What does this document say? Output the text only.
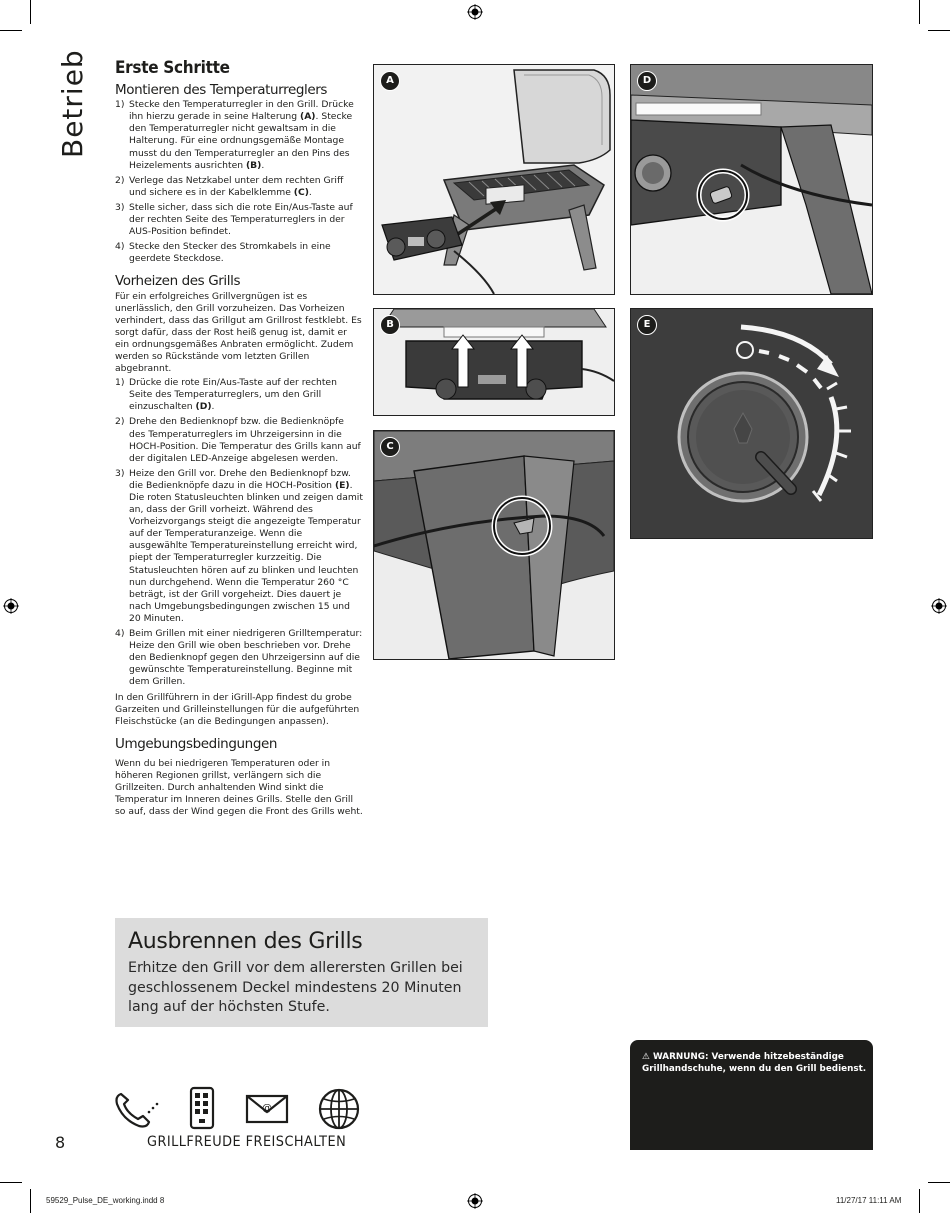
Betrieb Erste Schritte
Montieren des Temperaturreglers
1) Stecke den Temperaturregler in den Grill. Drücke ihn hierzu gerade in seine Halterung (A). Stecke den Temperaturregler nicht gewaltsam in die Halterung. Für eine ordnungsgemäße Montage musst du den Temperaturregler an den Pins des Heizelements ausrichten (B).
2) Verlege das Netzkabel unter dem rechten Griff und sichere es in der Kabelklemme (C).
3) Stelle sicher, dass sich die rote Ein/Aus-Taste auf der rechten Seite des Temperaturreglers in der AUS-Position befindet.
4) Stecke den Stecker des Stromkabels in eine geerdete Steckdose.
Vorheizen des Grills
Für ein erfolgreiches Grillvergnügen ist es unerlässlich, den Grill vorzuheizen. Das Vorheizen verhindert, dass das Grillgut am Grillrost festklebt. Es sorgt dafür, dass der Rost heiß genug ist, damit er ein ordnungsgemäßes Anbraten ermöglicht. Zudem werden so Rückstände vom letzten Grillen abgebrannt.
1) Drücke die rote Ein/Aus-Taste auf der rechten Seite des Temperaturreglers, um den Grill einzuschalten (D).
2) Drehe den Bedienknopf bzw. die Bedienknöpfe des Temperaturreglers im Uhrzeigersinn in die HOCH-Position. Die Temperatur des Grills kann auf der digitalen LED-Anzeige abgelesen werden.
3) Heize den Grill vor. Drehe den Bedienknopf bzw. die Bedienknöpfe dazu in die HOCH-Position (E). Die roten Statusleuchten blinken und zeigen damit an, dass der Grill vorheizt. Während des Vorheizvorgangs steigt die angezeigte Temperatur auf der Temperaturanzeige. Wenn die ausgewählte Temperatureinstellung erreicht wird, piept der Temperaturregler kurzzeitig. Die Statusleuchten hören auf zu blinken und leuchten nun durchgehend. Wenn die Temperatur 260 °C beträgt, ist der Grill vorgeheizt. Dies dauert je nach Umgebungsbedingungen zwischen 15 und 20 Minuten.
4) Beim Grillen mit einer niedrigeren Grilltemperatur: Heize den Grill wie oben beschrieben vor. Drehe den Bedienknopf gegen den Uhrzeigersinn auf die gewünschte Temperatureinstellung. Beginne mit dem Grillen.
In den Grillführern in der iGrill-App findest du grobe Garzeiten und Grilleinstellungen für die aufgeführten Fleischstücke (an die Bedingungen anpassen).
Umgebungsbedingungen
Wenn du bei niedrigeren Temperaturen oder in höheren Regionen grillst, verlängern sich die Grillzeiten. Durch anhaltenden Wind sinkt die Temperatur im Inneren deines Grills. Stelle den Grill so auf, dass der Wind gegen die Front des Grills weht.
A
B
C
D
E
Ausbrennen des Grills

Erhitze den Grill vor dem allerersten Grillen bei geschlossenem Deckel mindestens 20 Minuten lang auf der höchsten Stufe.

⚠ WARNUNG: Verwende hitzebeständige Grillhandschuhe, wenn du den Grill bedienst.

@
8	GRILLFREUDE FREISCHALTEN
59529_Pulse_DE_working.indd 8	11/27/17 11:11 AM
